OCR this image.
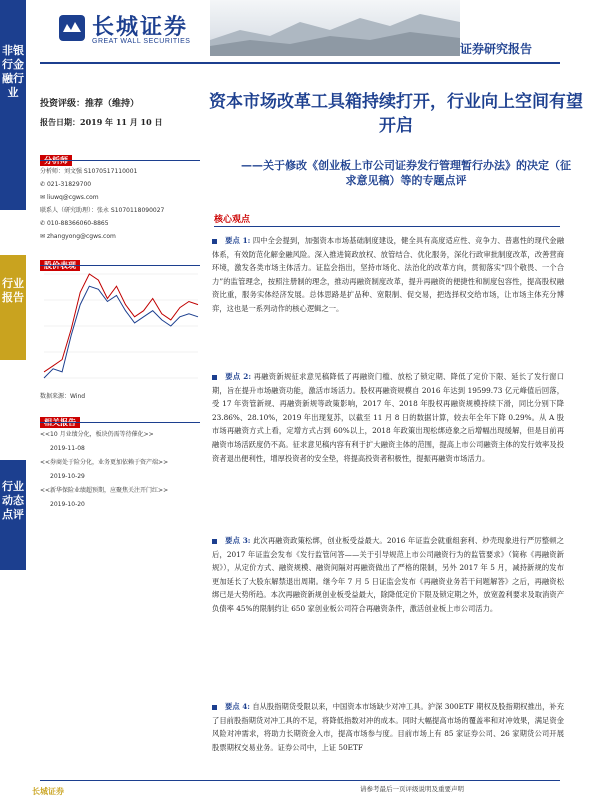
长城证券
GREAT WALL SECURITIES
证券研究报告
非银行金融行业
行业报告
行业动态点评
投资评级：推荐（维持）
报告日期：2019 年 11 月 10 日
分析师：刘文强 S1070517110001
✆ 021-31829700
✉ liuwq@cgws.com
联系人（研究助理）：张永 S1070118090027
✆ 010-88366060-8865
✉ zhangyong@cgws.com
数据来源：Wind
<<10 月业绩分化，板块仍需等待催化>>
2019-11-08
<<券商处于险分化，业务更加依赖于资产端>>
2019-10-29
<<新华保险业绩超预期，应聚焦关注开门红>>
2019-10-20
资本市场改革工具箱持续打开，行业向上空间有望开启
——关于修改《创业板上市公司证券发行管理暂行办法》的决定（征求意见稿）等的专题点评
核心观点
要点 1: 四中全会提到，加强资本市场基础制度建设，健全具有高度适应性、竞争力、普惠性的现代金融体系，有效防范化解金融风险。深入推进简政放权、放管结合、优化服务，深化行政审批制度改革，改善营商环境，激发各类市场主体活力。证监会指出，坚持市场化、法治化的改革方向，贯彻落实“四个敬畏、一个合力”的监管理念，按照注册制的理念，推动再融资制度改革，提升再融资的便捷性和制度包容性，提高股权融资比重，服务实体经济发展。总体思路是扩品种、宽限制、促交易，把选择权交给市场，让市场主体充分博弈，这也是一系列动作的核心逻辑之一。
要点 2: 再融资新规征求意见稿降低了再融资门槛、放松了锁定期、降低了定价下限、延长了发行窗口期，旨在提升市场融资功能，激活市场活力。股权再融资规模自 2016 年达到 19599.73 亿元峰值后回落，受 17 年资管新规、再融资新规等政策影响，2017 年、2018 年股权再融资规模持续下滑，同比分别下降 23.86%、28.10%，2019 年出现复苏，以截至 11 月 8 日的数据计算，较去年全年下降 0.29%。从 A 股市场再融资方式上看，定增方式占到 60%以上，2018 年政策出现松绑迹象之后增幅出现缓解，但是目前再融资市场活跃度仍不高。征求意见稿内容有利于扩大融资主体的范围，提高上市公司融资主体的发行效率及投资者退出便利性，增厚投资者的安全垫，将提高投资者积极性，提振再融资市场活力。
要点 3: 此次再融资政策松绑，创业板受益最大。2016 年证监会就重组套利、炒壳现象进行严厉整顿之后，2017 年证监会发布《发行监管问答——关于引导规范上市公司融资行为的监管要求》（简称《再融资新规》），从定价方式、融资规模、融资间隔对再融资做出了严格的限制，另外 2017 年 5 月，减持新规的发布更加延长了大股东解禁退出周期。继今年 7 月 5 日证监会发布《再融资业务若干问题解答》之后，再融资松绑已是大势所趋。本次再融资新规创业板受益最大，除降低定价下限及锁定期之外，放宽盈利要求及取消资产负债率 45%的限制约让 650 家创业板公司符合再融资条件，激活创业板上市公司活力。
要点 4: 自从股指期货受限以来，中国资本市场缺少对冲工具。沪深 300ETF 期权及股指期权推出，补充了目前股指期货对冲工具的不足，将降低指数对冲的成本。同时大幅提高市场的覆盖率和对冲效果，满足资金风险对冲需求，将助力长期资金入市，提高市场参与度。目前市场上有 85 家证券公司、26 家期货公司开展股票期权交易业务。证券公司中，上证 50ETF
长城证券	请参考最后一页评级说明及重要声明
